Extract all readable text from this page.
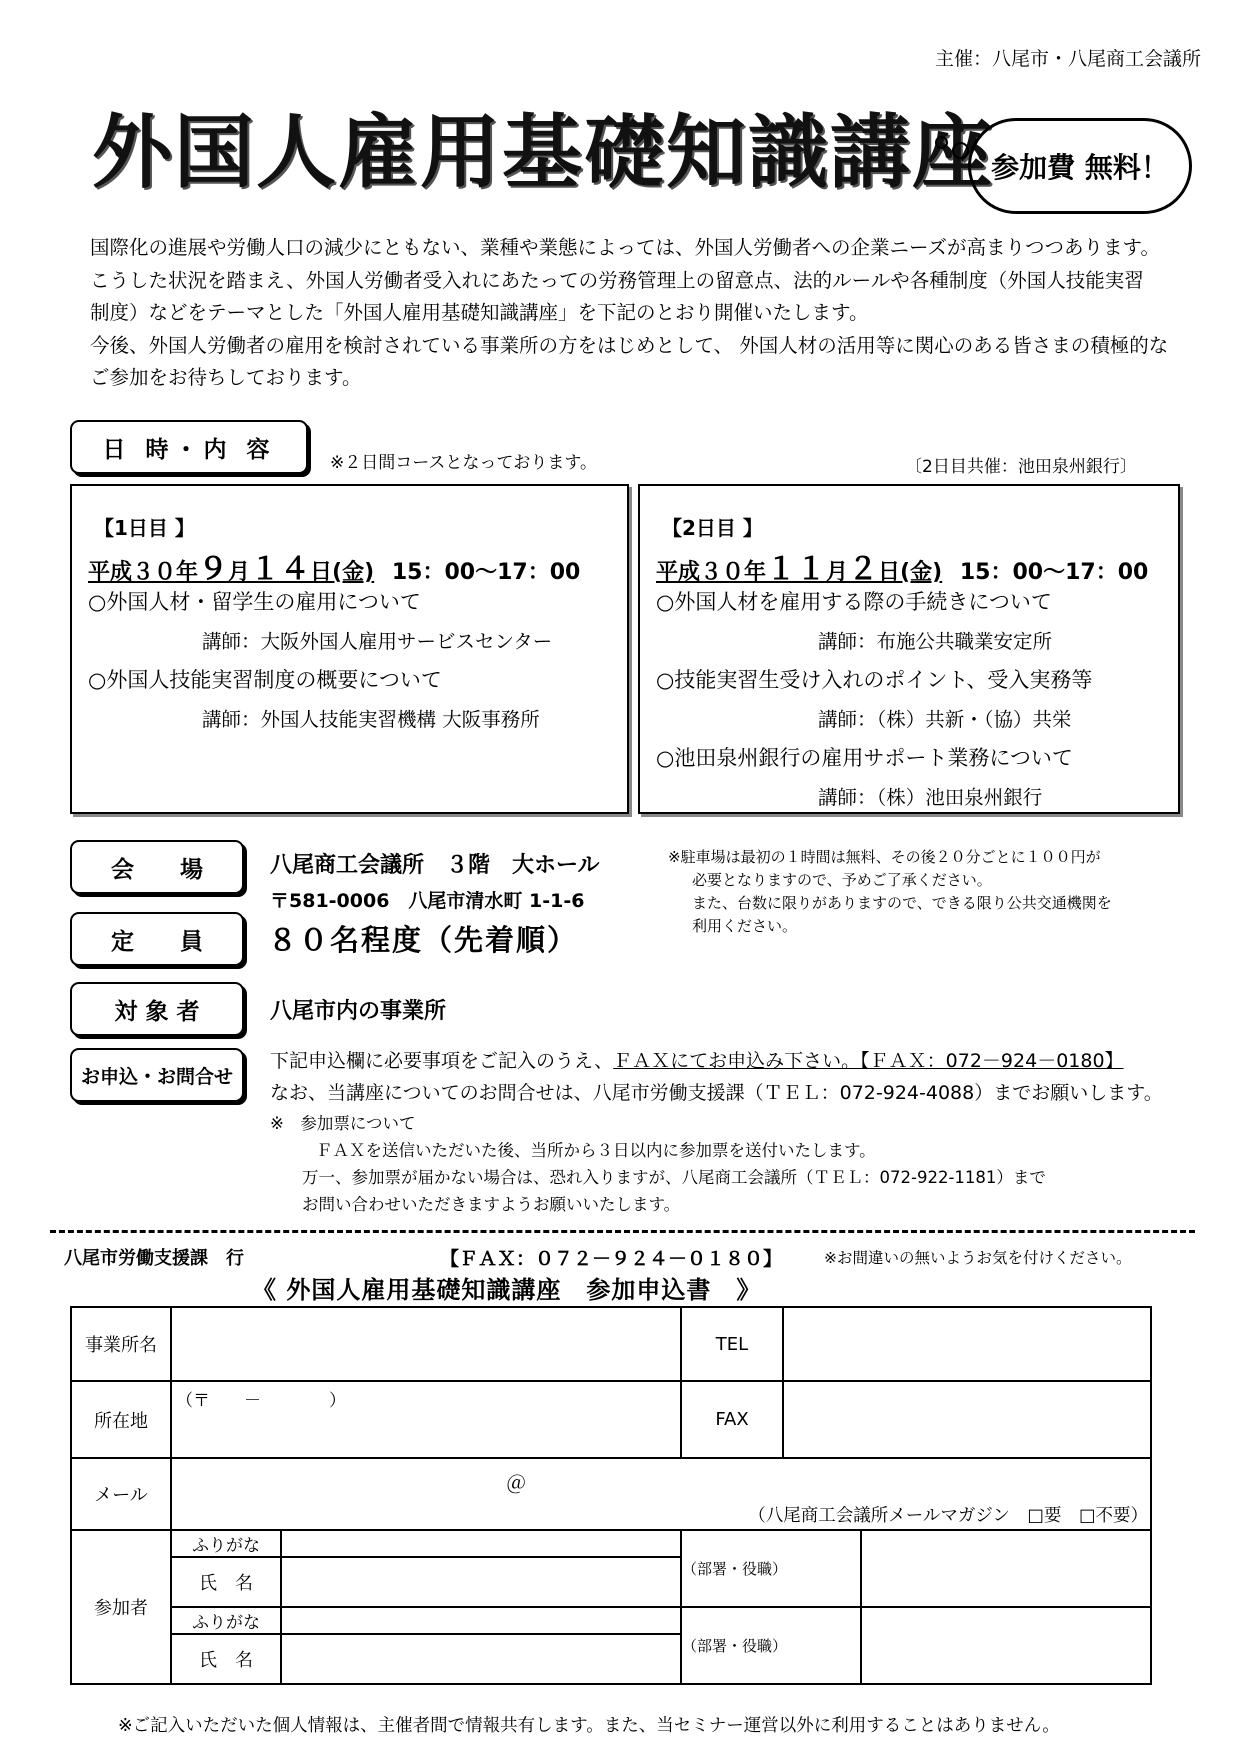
主催：八尾市・八尾商工会議所
外国人雇用基礎知識講座
参加費 無料！

国際化の進展や労働人口の減少にともない、業種や業態によっては、外国人労働者への企業ニーズが高まりつつあります。

こうした状況を踏まえ、外国人労働者受入れにあたっての労務管理上の留意点、法的ルールや各種制度（外国人技能実習

制度）などをテーマとした「外国人雇用基礎知識講座」を下記のとおり開催いたします。

今後、外国人労働者の雇用を検討されている事業所の方をはじめとして、 外国人材の活用等に関心のある皆さまの積極的な

ご参加をお待ちしております。

日 時・内 容
※２日間コースとなっております。	〔2日目共催：池田泉州銀行〕
【1日目 】
平成３０年９月１４日(金) 15：00～17：00
○外国人材・留学生の雇用について
講師：大阪外国人雇用サービスセンター
○外国人技能実習制度の概要について
講師：外国人技能実習機構 大阪事務所
【2日目 】
平成３０年１１月２日(金) 15：00～17：00
○外国人材を雇用する際の手続きについて
講師：布施公共職業安定所
○技能実習生受け入れのポイント、受入実務等
講師：（株）共新・（協）共栄
○池田泉州銀行の雇用サポート業務について
講師：（株）池田泉州銀行
会　　場	八尾商工会議所　３階　大ホール
〒581-0006　八尾市清水町 1-1-6
※駐車場は最初の１時間は無料、その後２０分ごとに１００円が
必要となりますので、予めご了承ください。
また、台数に限りがありますので、できる限り公共交通機関を
利用ください。
定　　員	８０名程度（先着順）
対 象 者	八尾市内の事業所
お申込・お問合せ
下記申込欄に必要事項をご記入のうえ、ＦＡＸにてお申込み下さい。【ＦＡＸ：072－924－0180】
なお、当講座についてのお問合せは、八尾市労働支援課（ＴＥＬ：072-924-4088）までお願いします。
※　参加票について
ＦＡＸを送信いただいた後、当所から３日以内に参加票を送付いたします。
万一、参加票が届かない場合は、恐れ入りますが、八尾商工会議所（ＴＥＬ：072-922-1181）まで
お問い合わせいただきますようお願いいたします。
八尾市労働支援課　行	【ＦＡＸ：０７２－９２４－０１８０】	※お間違いの無いようお気を付けください。
《 外国人雇用基礎知識講座　参加申込書　》
事業所名			TEL	

所在地	（〒　　－　　　　）		FAX	

メール	＠
（八尾商工会議所メールマガジン　□要　□不要）			

参加者	ふりがな		（部署・役職）	
	氏　名			
	ふりがな		（部署・役職）	
	氏　名			
※ご記入いただいた個人情報は、主催者間で情報共有します。また、当セミナー運営以外に利用することはありません。
